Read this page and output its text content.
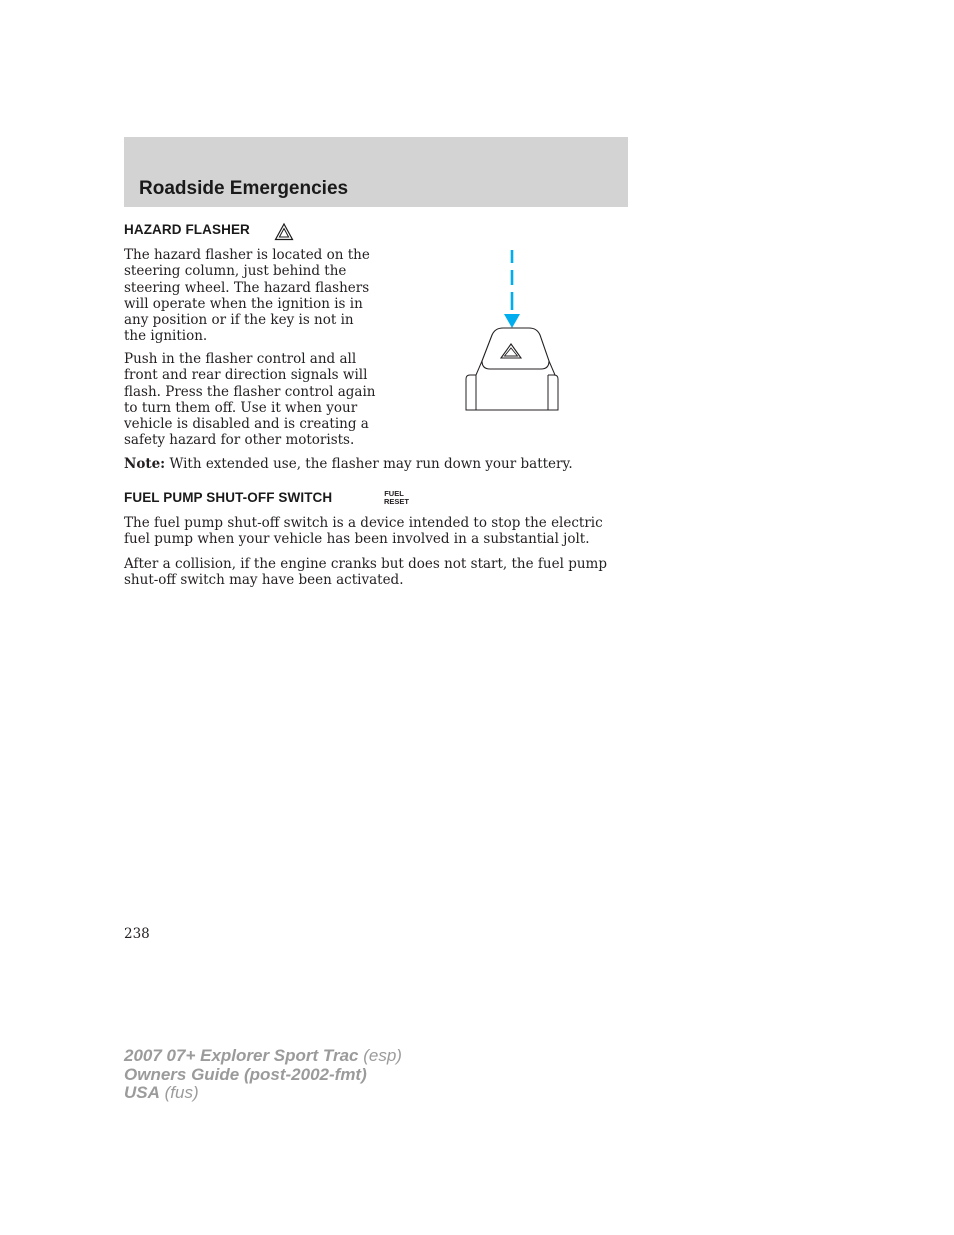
Roadside Emergencies
HAZARD FLASHER

The hazard flasher is located on the
steering column, just behind the
steering wheel. The hazard flashers
will operate when the ignition is in
any position or if the key is not in
the ignition.

Push in the flasher control and all
front and rear direction signals will
flash. Press the flasher control again
to turn them off. Use it when your
vehicle is disabled and is creating a
safety hazard for other motorists.

Note: With extended use, the flasher may run down your battery.

FUEL PUMP SHUT-OFF SWITCH	FUEL
RESET

The fuel pump shut-off switch is a device intended to stop the electric
fuel pump when your vehicle has been involved in a substantial jolt.

After a collision, if the engine cranks but does not start, the fuel pump
shut-off switch may have been activated.

238
2007 07+ Explorer Sport Trac (esp)
Owners Guide (post-2002-fmt)
USA (fus)
